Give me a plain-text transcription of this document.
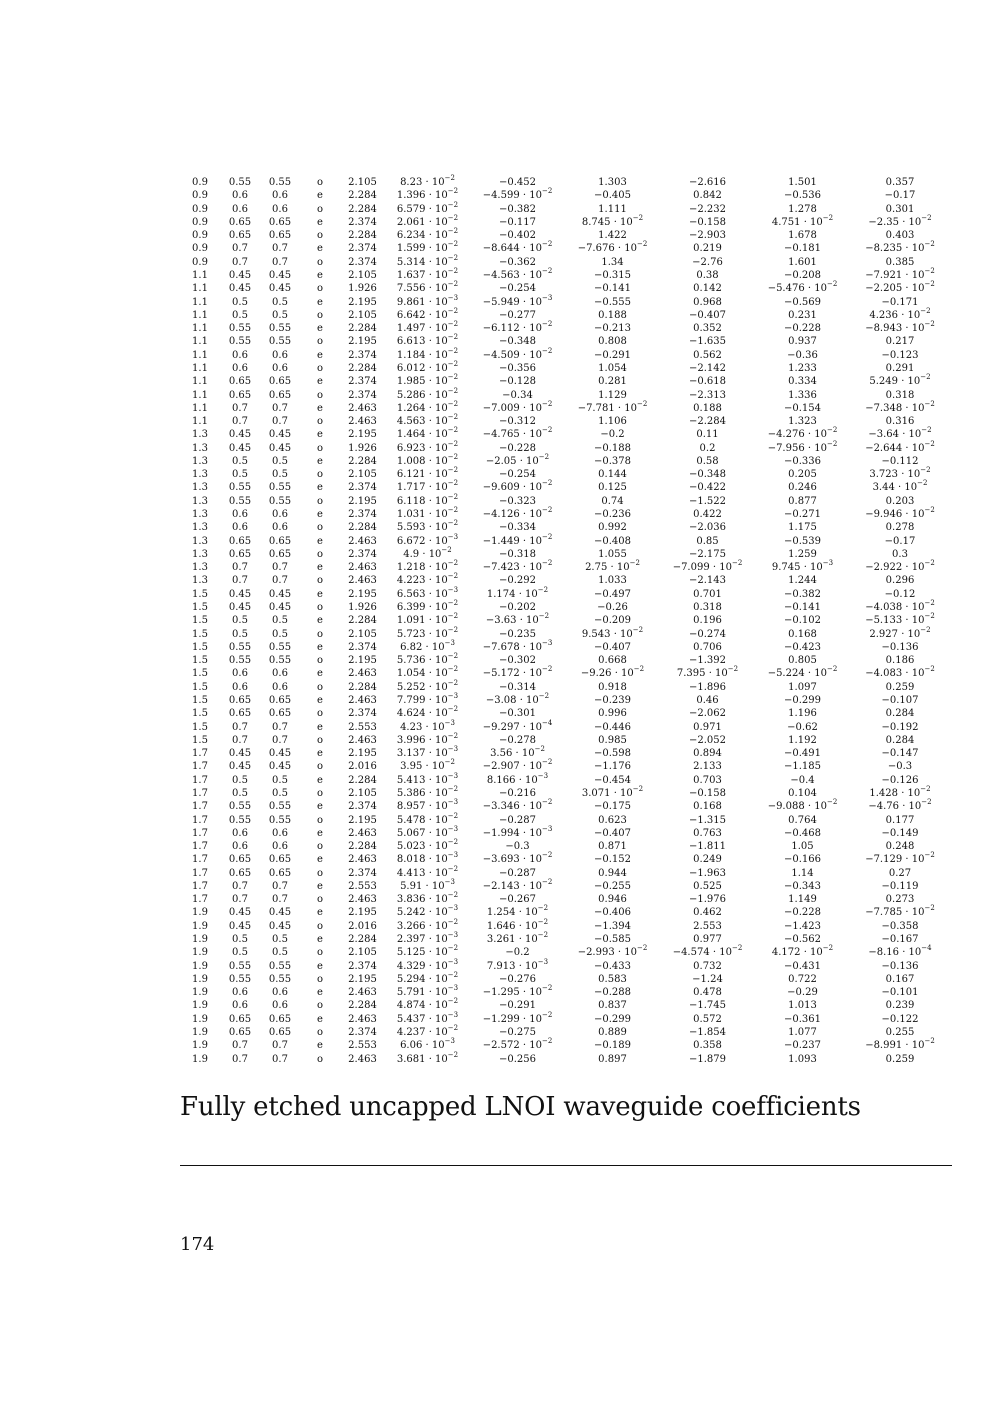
0.9	0.55	0.55	o	2.105	$8.23 \cdot 10^{-2}$	−0.452	1.303	−2.616	1.501	0.357
0.9	0.6	0.6	e	2.284	$1.396 \cdot 10^{-2}$	$-4.599 \cdot 10^{-2}$	−0.405	0.842	−0.536	−0.17
0.9	0.6	0.6	o	2.284	$6.579 \cdot 10^{-2}$	−0.382	1.111	−2.232	1.278	0.301
0.9	0.65	0.65	e	2.374	$2.061 \cdot 10^{-2}$	−0.117	$8.745 \cdot 10^{-2}$	−0.158	$4.751 \cdot 10^{-2}$	$-2.35 \cdot 10^{-2}$
0.9	0.65	0.65	o	2.284	$6.234 \cdot 10^{-2}$	−0.402	1.422	−2.903	1.678	0.403
0.9	0.7	0.7	e	2.374	$1.599 \cdot 10^{-2}$	$-8.644 \cdot 10^{-2}$	$-7.676 \cdot 10^{-2}$	0.219	−0.181	$-8.235 \cdot 10^{-2}$
0.9	0.7	0.7	o	2.374	$5.314 \cdot 10^{-2}$	−0.362	1.34	−2.76	1.601	0.385
1.1	0.45	0.45	e	2.105	$1.637 \cdot 10^{-2}$	$-4.563 \cdot 10^{-2}$	−0.315	0.38	−0.208	$-7.921 \cdot 10^{-2}$
1.1	0.45	0.45	o	1.926	$7.556 \cdot 10^{-2}$	−0.254	−0.141	0.142	$-5.476 \cdot 10^{-2}$	$-2.205 \cdot 10^{-2}$
1.1	0.5	0.5	e	2.195	$9.861 \cdot 10^{-3}$	$-5.949 \cdot 10^{-3}$	−0.555	0.968	−0.569	−0.171
1.1	0.5	0.5	o	2.105	$6.642 \cdot 10^{-2}$	−0.277	0.188	−0.407	0.231	$4.236 \cdot 10^{-2}$
1.1	0.55	0.55	e	2.284	$1.497 \cdot 10^{-2}$	$-6.112 \cdot 10^{-2}$	−0.213	0.352	−0.228	$-8.943 \cdot 10^{-2}$
1.1	0.55	0.55	o	2.195	$6.613 \cdot 10^{-2}$	−0.348	0.808	−1.635	0.937	0.217
1.1	0.6	0.6	e	2.374	$1.184 \cdot 10^{-2}$	$-4.509 \cdot 10^{-2}$	−0.291	0.562	−0.36	−0.123
1.1	0.6	0.6	o	2.284	$6.012 \cdot 10^{-2}$	−0.356	1.054	−2.142	1.233	0.291
1.1	0.65	0.65	e	2.374	$1.985 \cdot 10^{-2}$	−0.128	0.281	−0.618	0.334	$5.249 \cdot 10^{-2}$
1.1	0.65	0.65	o	2.374	$5.286 \cdot 10^{-2}$	−0.34	1.129	−2.313	1.336	0.318
1.1	0.7	0.7	e	2.463	$1.264 \cdot 10^{-2}$	$-7.009 \cdot 10^{-2}$	$-7.781 \cdot 10^{-2}$	0.188	−0.154	$-7.348 \cdot 10^{-2}$
1.1	0.7	0.7	o	2.463	$4.563 \cdot 10^{-2}$	−0.312	1.106	−2.284	1.323	0.316
1.3	0.45	0.45	e	2.195	$1.464 \cdot 10^{-2}$	$-4.765 \cdot 10^{-2}$	−0.2	0.11	$-4.276 \cdot 10^{-2}$	$-3.64 \cdot 10^{-2}$
1.3	0.45	0.45	o	1.926	$6.923 \cdot 10^{-2}$	−0.228	−0.188	0.2	$-7.956 \cdot 10^{-2}$	$-2.644 \cdot 10^{-2}$
1.3	0.5	0.5	e	2.284	$1.008 \cdot 10^{-2}$	$-2.05 \cdot 10^{-2}$	−0.378	0.58	−0.336	−0.112
1.3	0.5	0.5	o	2.105	$6.121 \cdot 10^{-2}$	−0.254	0.144	−0.348	0.205	$3.723 \cdot 10^{-2}$
1.3	0.55	0.55	e	2.374	$1.717 \cdot 10^{-2}$	$-9.609 \cdot 10^{-2}$	0.125	−0.422	0.246	$3.44 \cdot 10^{-2}$
1.3	0.55	0.55	o	2.195	$6.118 \cdot 10^{-2}$	−0.323	0.74	−1.522	0.877	0.203
1.3	0.6	0.6	e	2.374	$1.031 \cdot 10^{-2}$	$-4.126 \cdot 10^{-2}$	−0.236	0.422	−0.271	$-9.946 \cdot 10^{-2}$
1.3	0.6	0.6	o	2.284	$5.593 \cdot 10^{-2}$	−0.334	0.992	−2.036	1.175	0.278
1.3	0.65	0.65	e	2.463	$6.672 \cdot 10^{-3}$	$-1.449 \cdot 10^{-2}$	−0.408	0.85	−0.539	−0.17
1.3	0.65	0.65	o	2.374	$4.9 \cdot 10^{-2}$	−0.318	1.055	−2.175	1.259	0.3
1.3	0.7	0.7	e	2.463	$1.218 \cdot 10^{-2}$	$-7.423 \cdot 10^{-2}$	$2.75 \cdot 10^{-2}$	$-7.099 \cdot 10^{-2}$	$9.745 \cdot 10^{-3}$	$-2.922 \cdot 10^{-2}$
1.3	0.7	0.7	o	2.463	$4.223 \cdot 10^{-2}$	−0.292	1.033	−2.143	1.244	0.296
1.5	0.45	0.45	e	2.195	$6.563 \cdot 10^{-3}$	$1.174 \cdot 10^{-2}$	−0.497	0.701	−0.382	−0.12
1.5	0.45	0.45	o	1.926	$6.399 \cdot 10^{-2}$	−0.202	−0.26	0.318	−0.141	$-4.038 \cdot 10^{-2}$
1.5	0.5	0.5	e	2.284	$1.091 \cdot 10^{-2}$	$-3.63 \cdot 10^{-2}$	−0.209	0.196	−0.102	$-5.133 \cdot 10^{-2}$
1.5	0.5	0.5	o	2.105	$5.723 \cdot 10^{-2}$	−0.235	$9.543 \cdot 10^{-2}$	−0.274	0.168	$2.927 \cdot 10^{-2}$
1.5	0.55	0.55	e	2.374	$6.82 \cdot 10^{-3}$	$-7.678 \cdot 10^{-3}$	−0.407	0.706	−0.423	−0.136
1.5	0.55	0.55	o	2.195	$5.736 \cdot 10^{-2}$	−0.302	0.668	−1.392	0.805	0.186
1.5	0.6	0.6	e	2.463	$1.054 \cdot 10^{-2}$	$-5.172 \cdot 10^{-2}$	$-9.26 \cdot 10^{-2}$	$7.395 \cdot 10^{-2}$	$-5.224 \cdot 10^{-2}$	$-4.083 \cdot 10^{-2}$
1.5	0.6	0.6	o	2.284	$5.252 \cdot 10^{-2}$	−0.314	0.918	−1.896	1.097	0.259
1.5	0.65	0.65	e	2.463	$7.799 \cdot 10^{-3}$	$-3.08 \cdot 10^{-2}$	−0.239	0.46	−0.299	−0.107
1.5	0.65	0.65	o	2.374	$4.624 \cdot 10^{-2}$	−0.301	0.996	−2.062	1.196	0.284
1.5	0.7	0.7	e	2.553	$4.23 \cdot 10^{-3}$	$-9.297 \cdot 10^{-4}$	−0.446	0.971	−0.62	−0.192
1.5	0.7	0.7	o	2.463	$3.996 \cdot 10^{-2}$	−0.278	0.985	−2.052	1.192	0.284
1.7	0.45	0.45	e	2.195	$3.137 \cdot 10^{-3}$	$3.56 \cdot 10^{-2}$	−0.598	0.894	−0.491	−0.147
1.7	0.45	0.45	o	2.016	$3.95 \cdot 10^{-2}$	$-2.907 \cdot 10^{-2}$	−1.176	2.133	−1.185	−0.3
1.7	0.5	0.5	e	2.284	$5.413 \cdot 10^{-3}$	$8.166 \cdot 10^{-3}$	−0.454	0.703	−0.4	−0.126
1.7	0.5	0.5	o	2.105	$5.386 \cdot 10^{-2}$	−0.216	$3.071 \cdot 10^{-2}$	−0.158	0.104	$1.428 \cdot 10^{-2}$
1.7	0.55	0.55	e	2.374	$8.957 \cdot 10^{-3}$	$-3.346 \cdot 10^{-2}$	−0.175	0.168	$-9.088 \cdot 10^{-2}$	$-4.76 \cdot 10^{-2}$
1.7	0.55	0.55	o	2.195	$5.478 \cdot 10^{-2}$	−0.287	0.623	−1.315	0.764	0.177
1.7	0.6	0.6	e	2.463	$5.067 \cdot 10^{-3}$	$-1.994 \cdot 10^{-3}$	−0.407	0.763	−0.468	−0.149
1.7	0.6	0.6	o	2.284	$5.023 \cdot 10^{-2}$	−0.3	0.871	−1.811	1.05	0.248
1.7	0.65	0.65	e	2.463	$8.018 \cdot 10^{-3}$	$-3.693 \cdot 10^{-2}$	−0.152	0.249	−0.166	$-7.129 \cdot 10^{-2}$
1.7	0.65	0.65	o	2.374	$4.413 \cdot 10^{-2}$	−0.287	0.944	−1.963	1.14	0.27
1.7	0.7	0.7	e	2.553	$5.91 \cdot 10^{-3}$	$-2.143 \cdot 10^{-2}$	−0.255	0.525	−0.343	−0.119
1.7	0.7	0.7	o	2.463	$3.836 \cdot 10^{-2}$	−0.267	0.946	−1.976	1.149	0.273
1.9	0.45	0.45	e	2.195	$5.242 \cdot 10^{-3}$	$1.254 \cdot 10^{-2}$	−0.406	0.462	−0.228	$-7.785 \cdot 10^{-2}$
1.9	0.45	0.45	o	2.016	$3.266 \cdot 10^{-2}$	$1.646 \cdot 10^{-2}$	−1.394	2.553	−1.423	−0.358
1.9	0.5	0.5	e	2.284	$2.397 \cdot 10^{-3}$	$3.261 \cdot 10^{-2}$	−0.585	0.977	−0.562	−0.167
1.9	0.5	0.5	o	2.105	$5.125 \cdot 10^{-2}$	−0.2	$-2.993 \cdot 10^{-2}$	$-4.574 \cdot 10^{-2}$	$4.172 \cdot 10^{-2}$	$-8.16 \cdot 10^{-4}$
1.9	0.55	0.55	e	2.374	$4.329 \cdot 10^{-3}$	$7.913 \cdot 10^{-3}$	−0.433	0.732	−0.431	−0.136
1.9	0.55	0.55	o	2.195	$5.294 \cdot 10^{-2}$	−0.276	0.583	−1.24	0.722	0.167
1.9	0.6	0.6	e	2.463	$5.791 \cdot 10^{-3}$	$-1.295 \cdot 10^{-2}$	−0.288	0.478	−0.29	−0.101
1.9	0.6	0.6	o	2.284	$4.874 \cdot 10^{-2}$	−0.291	0.837	−1.745	1.013	0.239
1.9	0.65	0.65	e	2.463	$5.437 \cdot 10^{-3}$	$-1.299 \cdot 10^{-2}$	−0.299	0.572	−0.361	−0.122
1.9	0.65	0.65	o	2.374	$4.237 \cdot 10^{-2}$	−0.275	0.889	−1.854	1.077	0.255
1.9	0.7	0.7	e	2.553	$6.06 \cdot 10^{-3}$	$-2.572 \cdot 10^{-2}$	−0.189	0.358	−0.237	$-8.991 \cdot 10^{-2}$
1.9	0.7	0.7	o	2.463	$3.681 \cdot 10^{-2}$	−0.256	0.897	−1.879	1.093	0.259
Fully etched uncapped LNOI waveguide coefficients
174
